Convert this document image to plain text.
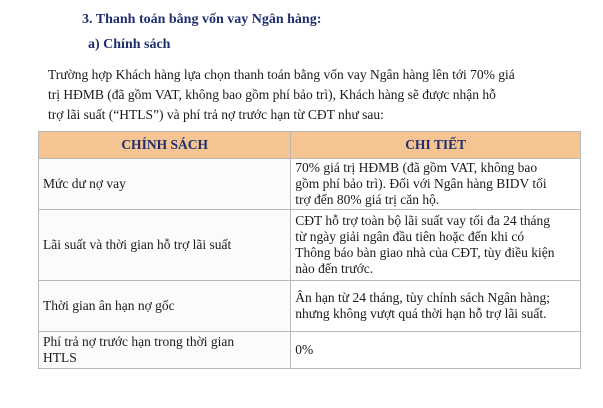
3. Thanh toán bằng vốn vay Ngân hàng:
a) Chính sách
Trường hợp Khách hàng lựa chọn thanh toán bằng vốn vay Ngân hàng lên tới 70% giá
trị HĐMB (đã gồm VAT, không bao gồm phí bảo trì), Khách hàng sẽ được nhận hỗ
trợ lãi suất (“HTLS”) và phí trả nợ trước hạn từ CĐT như sau:
CHÍNH SÁCH	CHI TIẾT
Mức dư nợ vay	70% giá trị HĐMB (đã gồm VAT, không bao
gồm phí bảo trì). Đối với Ngân hàng BIDV tối
trợ đến 80% giá trị căn hộ.

Lãi suất và thời gian hỗ trợ lãi suất	CĐT hỗ trợ toàn bộ lãi suất vay tối đa 24 tháng
từ ngày giải ngân đầu tiên hoặc đến khi có
Thông báo bàn giao nhà của CĐT, tùy điều kiện
nào đến trước.

Thời gian ân hạn nợ gốc	Ân hạn từ 24 tháng, tùy chính sách Ngân hàng;
nhưng không vượt quá thời hạn hỗ trợ lãi suất.

Phí trả nợ trước hạn trong thời gian
HTLS	0%
